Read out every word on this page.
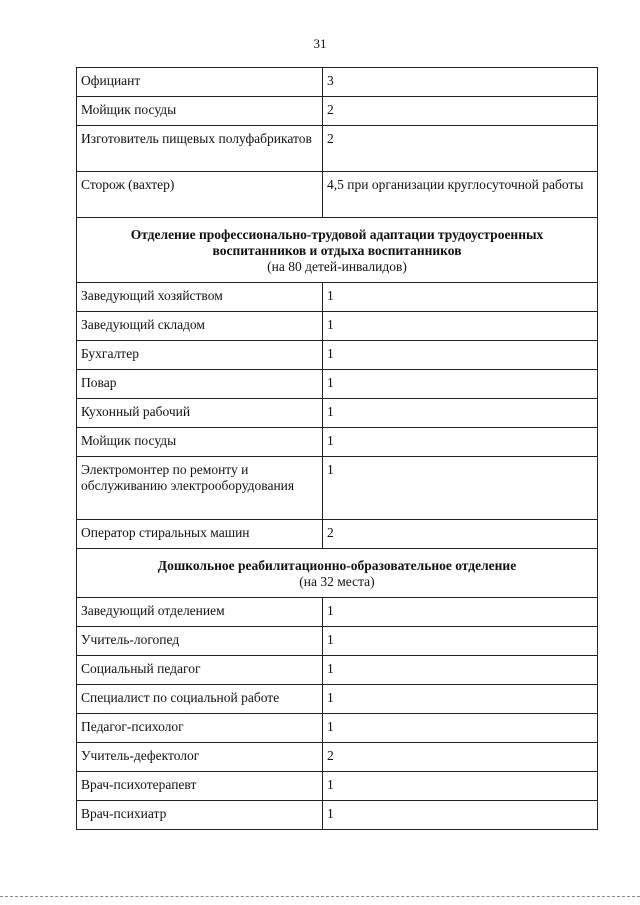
31
Официант	3
Мойщик посуды	2
Изготовитель пищевых полуфабрикатов	2
Сторож (вахтер)	4,5 при организации круглосуточной работы

Отделение профессионально-трудовой адаптации трудоустроенных воспитанников и отдыха воспитанников
(на 80 детей-инвалидов)	

Заведующий хозяйством	1
Заведующий складом	1
Бухгалтер	1
Повар	1
Кухонный рабочий	1
Мойщик посуды	1
Электромонтер по ремонту и обслуживанию электрооборудования	1
Оператор стиральных машин	2

Дошкольное реабилитационно-образовательное отделение
(на 32 места)	

Заведующий отделением	1
Учитель-логопед	1
Социальный педагог	1
Специалист по социальной работе	1
Педагог-психолог	1
Учитель-дефектолог	2
Врач-психотерапевт	1
Врач-психиатр	1
